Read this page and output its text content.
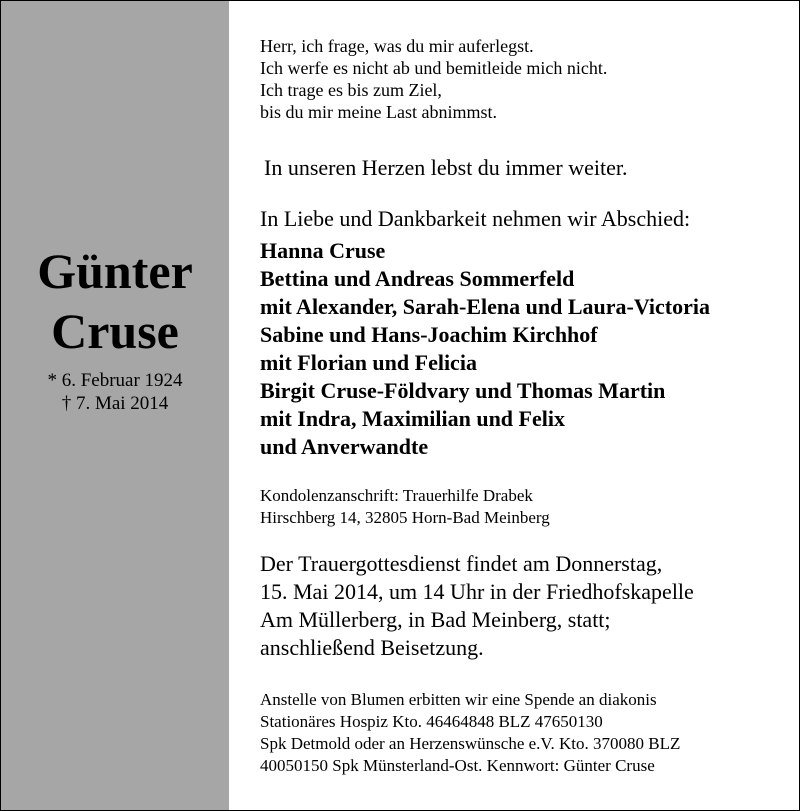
Günter
Cruse
* 6. Februar 1924
† 7. Mai 2014
Herr, ich frage, was du mir auferlegst.
Ich werfe es nicht ab und bemitleide mich nicht.
Ich trage es bis zum Ziel,
bis du mir meine Last abnimmst.
In unseren Herzen lebst du immer weiter.
In Liebe und Dankbarkeit nehmen wir Abschied:
Hanna Cruse
Bettina und Andreas Sommerfeld
mit Alexander, Sarah-Elena und Laura-Victoria
Sabine und Hans-Joachim Kirchhof
mit Florian und Felicia
Birgit Cruse-Földvary und Thomas Martin
mit Indra, Maximilian und Felix
und Anverwandte
Kondolenzanschrift: Trauerhilfe Drabek
Hirschberg 14, 32805 Horn-Bad Meinberg
Der Trauergottesdienst findet am Donnerstag,
15. Mai 2014, um 14 Uhr in der Friedhofskapelle
Am Müllerberg, in Bad Meinberg, statt;
anschließend Beisetzung.
Anstelle von Blumen erbitten wir eine Spende an diakonis
Stationäres Hospiz Kto. 46464848 BLZ 47650130
Spk Detmold oder an Herzenswünsche e.V. Kto. 370080 BLZ
40050150 Spk Münsterland-Ost. Kennwort: Günter Cruse
